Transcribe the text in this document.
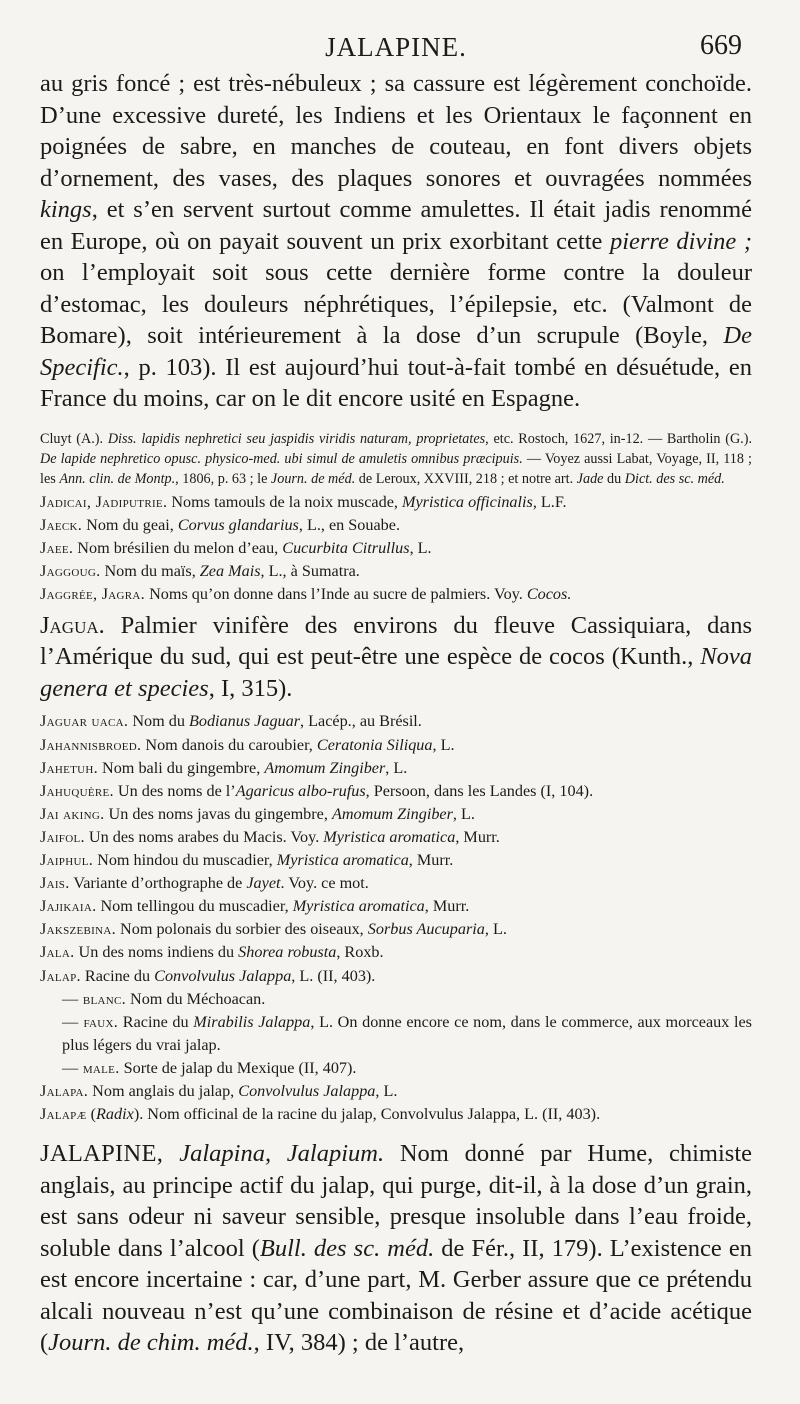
JALAPINE.	669

au gris foncé ; est très-nébuleux ; sa cassure est légèrement conchoïde. D’une excessive dureté, les Indiens et les Orientaux le façonnent en poignées de sabre, en manches de couteau, en font divers objets d’ornement, des vases, des plaques sonores et ouvragées nommées kings, et s’en servent surtout comme amulettes. Il était jadis renommé en Europe, où on payait souvent un prix exorbitant cette pierre divine ; on l’employait soit sous cette dernière forme contre la douleur d’estomac, les douleurs néphrétiques, l’épilepsie, etc. (Valmont de Bomare), soit intérieurement à la dose d’un scrupule (Boyle, De Specific., p. 103). Il est aujourd’hui tout-à-fait tombé en désuétude, en France du moins, car on le dit encore usité en Espagne.

Cluyt (A.). Diss. lapidis nephretici seu jaspidis viridis naturam, proprietates, etc. Rostoch, 1627, in-12. — Bartholin (G.). De lapide nephretico opusc. physico-med. ubi simul de amuletis omnibus præcipuis. — Voyez aussi Labat, Voyage, II, 118 ; les Ann. clin. de Montp., 1806, p. 63 ; le Journ. de méd. de Leroux, XXVIII, 218 ; et notre art. Jade du Dict. des sc. méd.

Jadicai, Jadiputrie. Noms tamouls de la noix muscade, Myristica officinalis, L.F.

Jaeck. Nom du geai, Corvus glandarius, L., en Souabe.

Jaee. Nom brésilien du melon d’eau, Cucurbita Citrullus, L.

Jaggoug. Nom du maïs, Zea Mais, L., à Sumatra.

Jaggrée, Jagra. Noms qu’on donne dans l’Inde au sucre de palmiers. Voy. Cocos.

Jagua. Palmier vinifère des environs du fleuve Cassiquiara, dans l’Amérique du sud, qui est peut-être une espèce de cocos (Kunth., Nova genera et species, I, 315).

Jaguar uaca. Nom du Bodianus Jaguar, Lacép., au Brésil.

Jahannisbroed. Nom danois du caroubier, Ceratonia Siliqua, L.

Jahetuh. Nom bali du gingembre, Amomum Zingiber, L.

Jahuquère. Un des noms de l’Agaricus albo-rufus, Persoon, dans les Landes (I, 104).

Jai aking. Un des noms javas du gingembre, Amomum Zingiber, L.

Jaifol. Un des noms arabes du Macis. Voy. Myristica aromatica, Murr.

Jaiphul. Nom hindou du muscadier, Myristica aromatica, Murr.

Jais. Variante d’orthographe de Jayet. Voy. ce mot.

Jajikaia. Nom tellingou du muscadier, Myristica aromatica, Murr.

Jakszebina. Nom polonais du sorbier des oiseaux, Sorbus Aucuparia, L.

Jala. Un des noms indiens du Shorea robusta, Roxb.

Jalap. Racine du Convolvulus Jalappa, L. (II, 403).

— blanc. Nom du Méchoacan.

— faux. Racine du Mirabilis Jalappa, L. On donne encore ce nom, dans le commerce, aux morceaux les plus légers du vrai jalap.

— male. Sorte de jalap du Mexique (II, 407).

Jalapa. Nom anglais du jalap, Convolvulus Jalappa, L.

Jalapæ (Radix). Nom officinal de la racine du jalap, Convolvulus Jalappa, L. (II, 403).

JALAPINE, Jalapina, Jalapium. Nom donné par Hume, chimiste anglais, au principe actif du jalap, qui purge, dit-il, à la dose d’un grain, est sans odeur ni saveur sensible, presque insoluble dans l’eau froide, soluble dans l’alcool (Bull. des sc. méd. de Fér., II, 179). L’existence en est encore incertaine : car, d’une part, M. Gerber assure que ce prétendu alcali nouveau n’est qu’une combinaison de résine et d’acide acétique (Journ. de chim. méd., IV, 384) ; de l’autre,
